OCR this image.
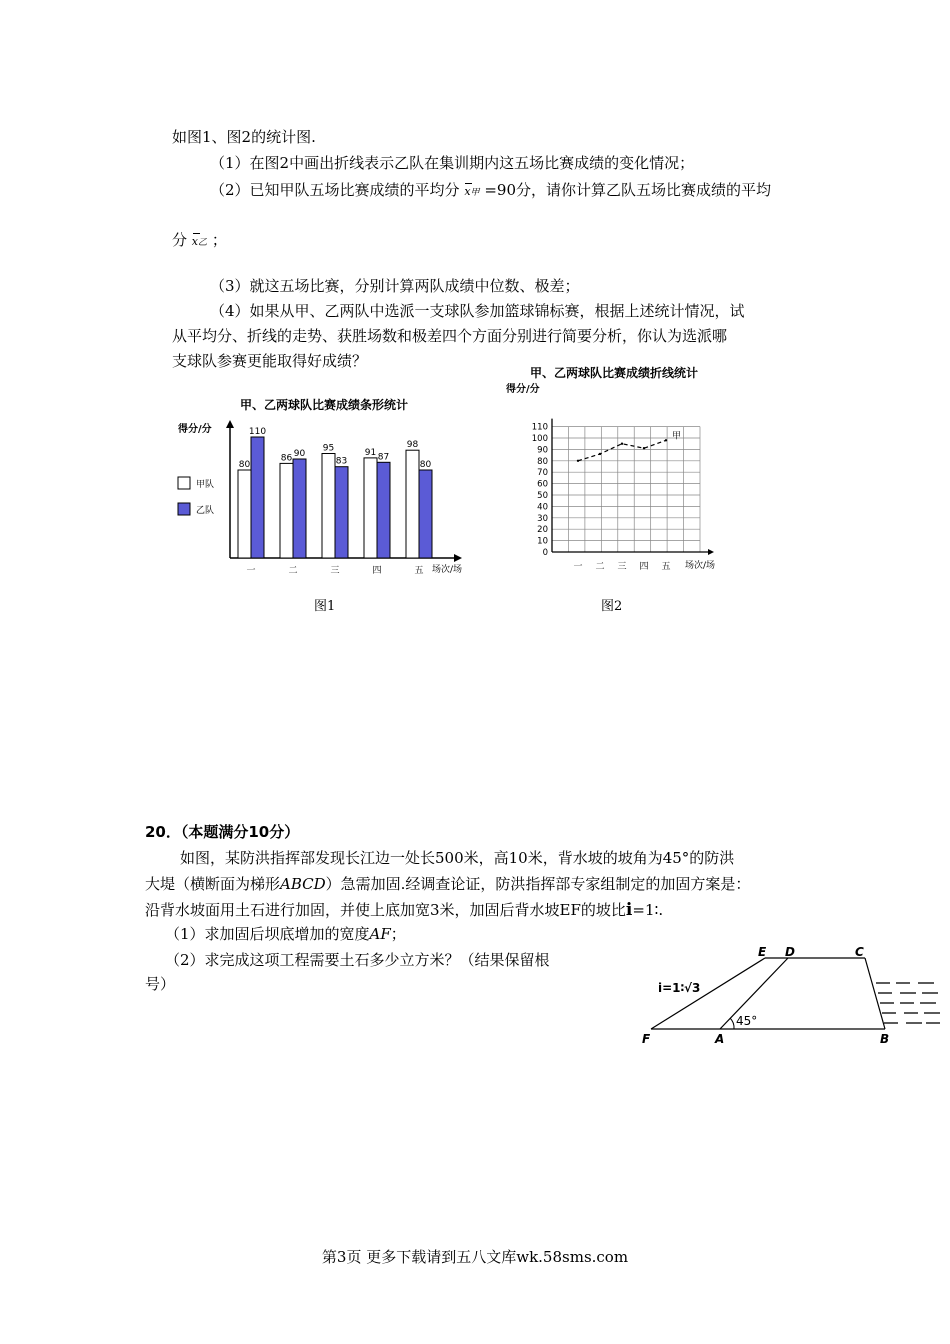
如图1、图2的统计图.
（1）在图2中画出折线表示乙队在集训期内这五场比赛成绩的变化情况；
（2）已知甲队五场比赛成绩的平均分 x甲 =90分，请你计算乙队五场比赛成绩的平均
分 x乙 ；
（3）就这五场比赛，分别计算两队成绩中位数、极差；
（4）如果从甲、乙两队中选派一支球队参加篮球锦标赛，根据上述统计情况，试
从平均分、折线的走势、获胜场数和极差四个方面分别进行简要分析，你认为选派哪
支球队参赛更能取得好成绩？
甲、乙两球队比赛成绩条形统计
得分/分
甲队
乙队
场次/场
80
110
一
86 90
二
95
83
三
91 87
四
98
80
五
图1
甲、乙两球队比赛成绩折线统计
得分/分
0
10
20
30
40
50
60
70
80
90
100
110
一 二 三 四 五
甲
场次/场
图2
20．（本题满分10分）
如图，某防洪指挥部发现长江边一处长500米，高10米，背水坡的坡角为45°的防洪
大堤（横断面为梯形ABCD）急需加固.经调查论证，防洪指挥部专家组制定的加固方案是：
沿背水坡面用土石进行加固，并使上底加宽3米，加固后背水坡EF的坡比i=1∶.
（1）求加固后坝底增加的宽度AF；
（2）求完成这项工程需要土石多少立方米？（结果保留根
号）
E D	C
F	A	B
i=1∶√3
45°
第3页 更多下载请到五八文库wk.58sms.com
